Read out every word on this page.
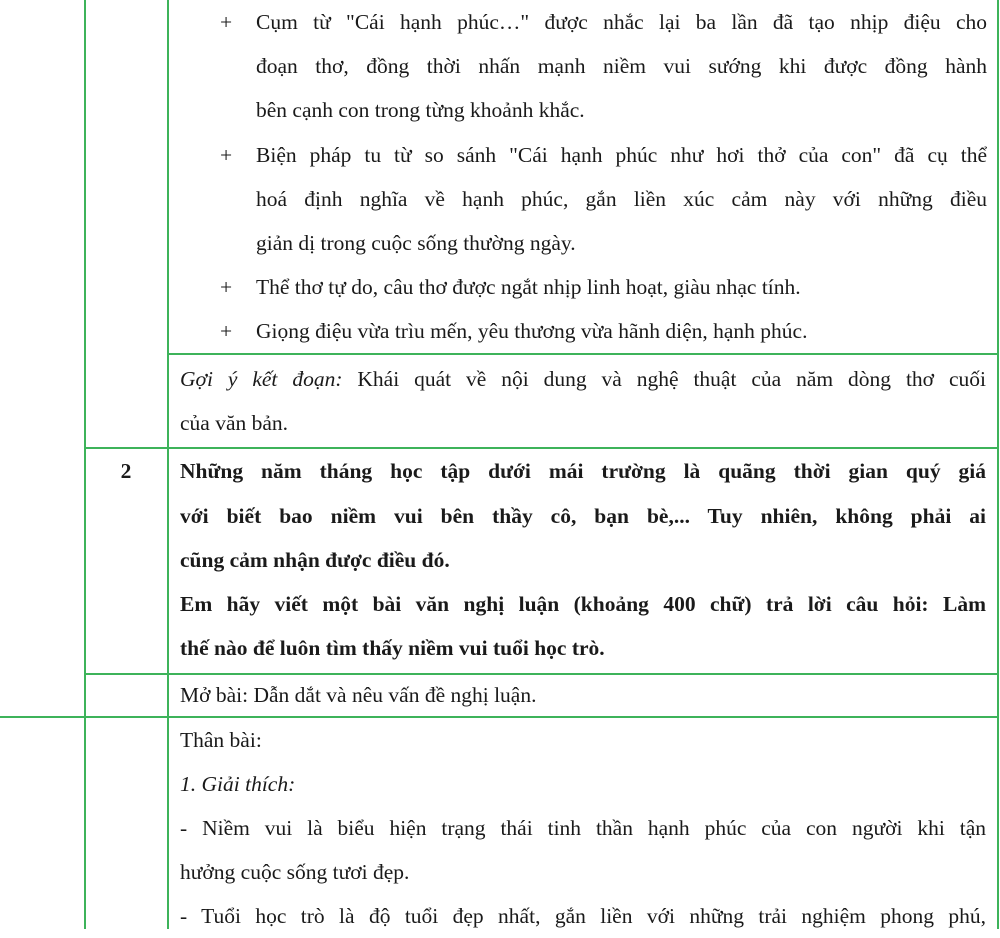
+ Cụm từ "Cái hạnh phúc…" được nhắc lại ba lần đã tạo nhịp điệu cho
đoạn thơ, đồng thời nhấn mạnh niềm vui sướng khi được đồng hành
bên cạnh con trong từng khoảnh khắc.
+ Biện pháp tu từ so sánh "Cái hạnh phúc như hơi thở của con" đã cụ thể
hoá định nghĩa về hạnh phúc, gắn liền xúc cảm này với những điều
giản dị trong cuộc sống thường ngày.
+ Thể thơ tự do, câu thơ được ngắt nhịp linh hoạt, giàu nhạc tính.
+ Giọng điệu vừa trìu mến, yêu thương vừa hãnh diện, hạnh phúc.
Gợi ý kết đoạn: Khái quát về nội dung và nghệ thuật của năm dòng thơ cuối
của văn bản.
2	Những năm tháng học tập dưới mái trường là quãng thời gian quý giá
với biết bao niềm vui bên thầy cô, bạn bè,... Tuy nhiên, không phải ai
cũng cảm nhận được điều đó.
Em hãy viết một bài văn nghị luận (khoảng 400 chữ) trả lời câu hỏi: Làm
thế nào để luôn tìm thấy niềm vui tuổi học trò.
Mở bài: Dẫn dắt và nêu vấn đề nghị luận.
Thân bài:
1. Giải thích:
- Niềm vui là biểu hiện trạng thái tinh thần hạnh phúc của con người khi tận
hưởng cuộc sống tươi đẹp.
- Tuổi học trò là độ tuổi đẹp nhất, gắn liền với những trải nghiệm phong phú,
